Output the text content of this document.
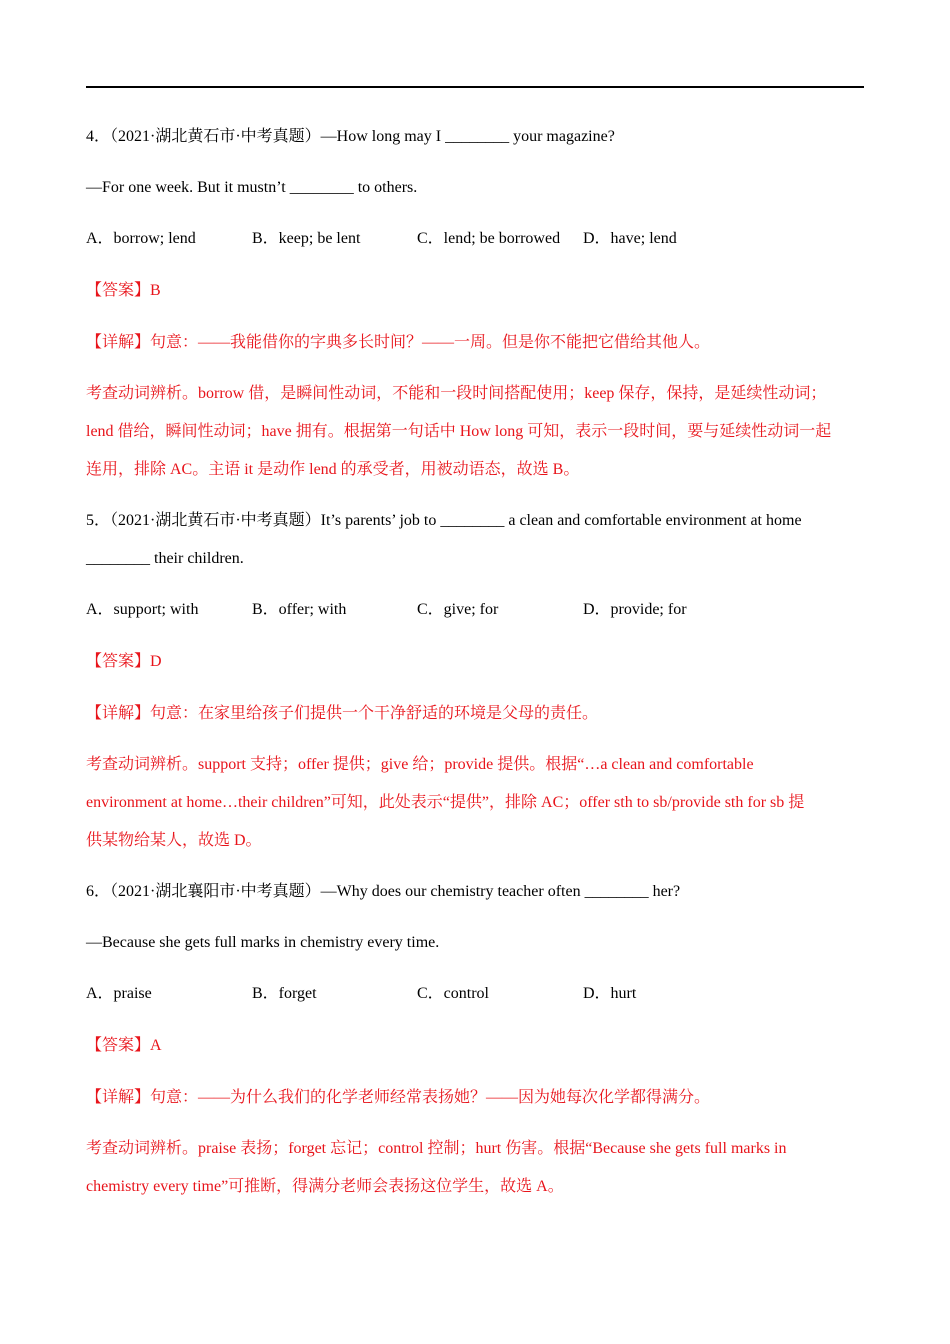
4．（2021·湖北黄石市·中考真题）—How long may I ________ your magazine?
—For one week. But it mustn’t ________ to others.
A．borrow; lend	B．keep; be lent	C．lend; be borrowed D．have; lend
【答案】B
【详解】句意：——我能借你的字典多长时间？——一周。但是你不能把它借给其他人。
考查动词辨析。borrow 借，是瞬间性动词，不能和一段时间搭配使用；keep 保存，保持，是延续性动词；
lend 借给，瞬间性动词；have 拥有。根据第一句话中 How long 可知，表示一段时间，要与延续性动词一起
连用，排除 AC。主语 it 是动作 lend 的承受者，用被动语态，故选 B。
5．（2021·湖北黄石市·中考真题）It’s parents’ job to ________ a clean and comfortable environment at home
________ their children.
A．support; with	B．offer; with	C．give; for	D．provide; for
【答案】D
【详解】句意：在家里给孩子们提供一个干净舒适的环境是父母的责任。
考查动词辨析。support 支持；offer 提供；give 给；provide 提供。根据“…a clean and comfortable
environment at home…their children”可知，此处表示“提供”，排除 AC；offer sth to sb/provide sth for sb 提
供某物给某人，故选 D。
6．（2021·湖北襄阳市·中考真题）—Why does our chemistry teacher often ________ her?
—Because she gets full marks in chemistry every time.
A．praise	B．forget	C．control	D．hurt
【答案】A
【详解】句意：——为什么我们的化学老师经常表扬她？——因为她每次化学都得满分。
考查动词辨析。praise 表扬；forget 忘记；control 控制；hurt 伤害。根据“Because she gets full marks in
chemistry every time”可推断，得满分老师会表扬这位学生，故选 A。
